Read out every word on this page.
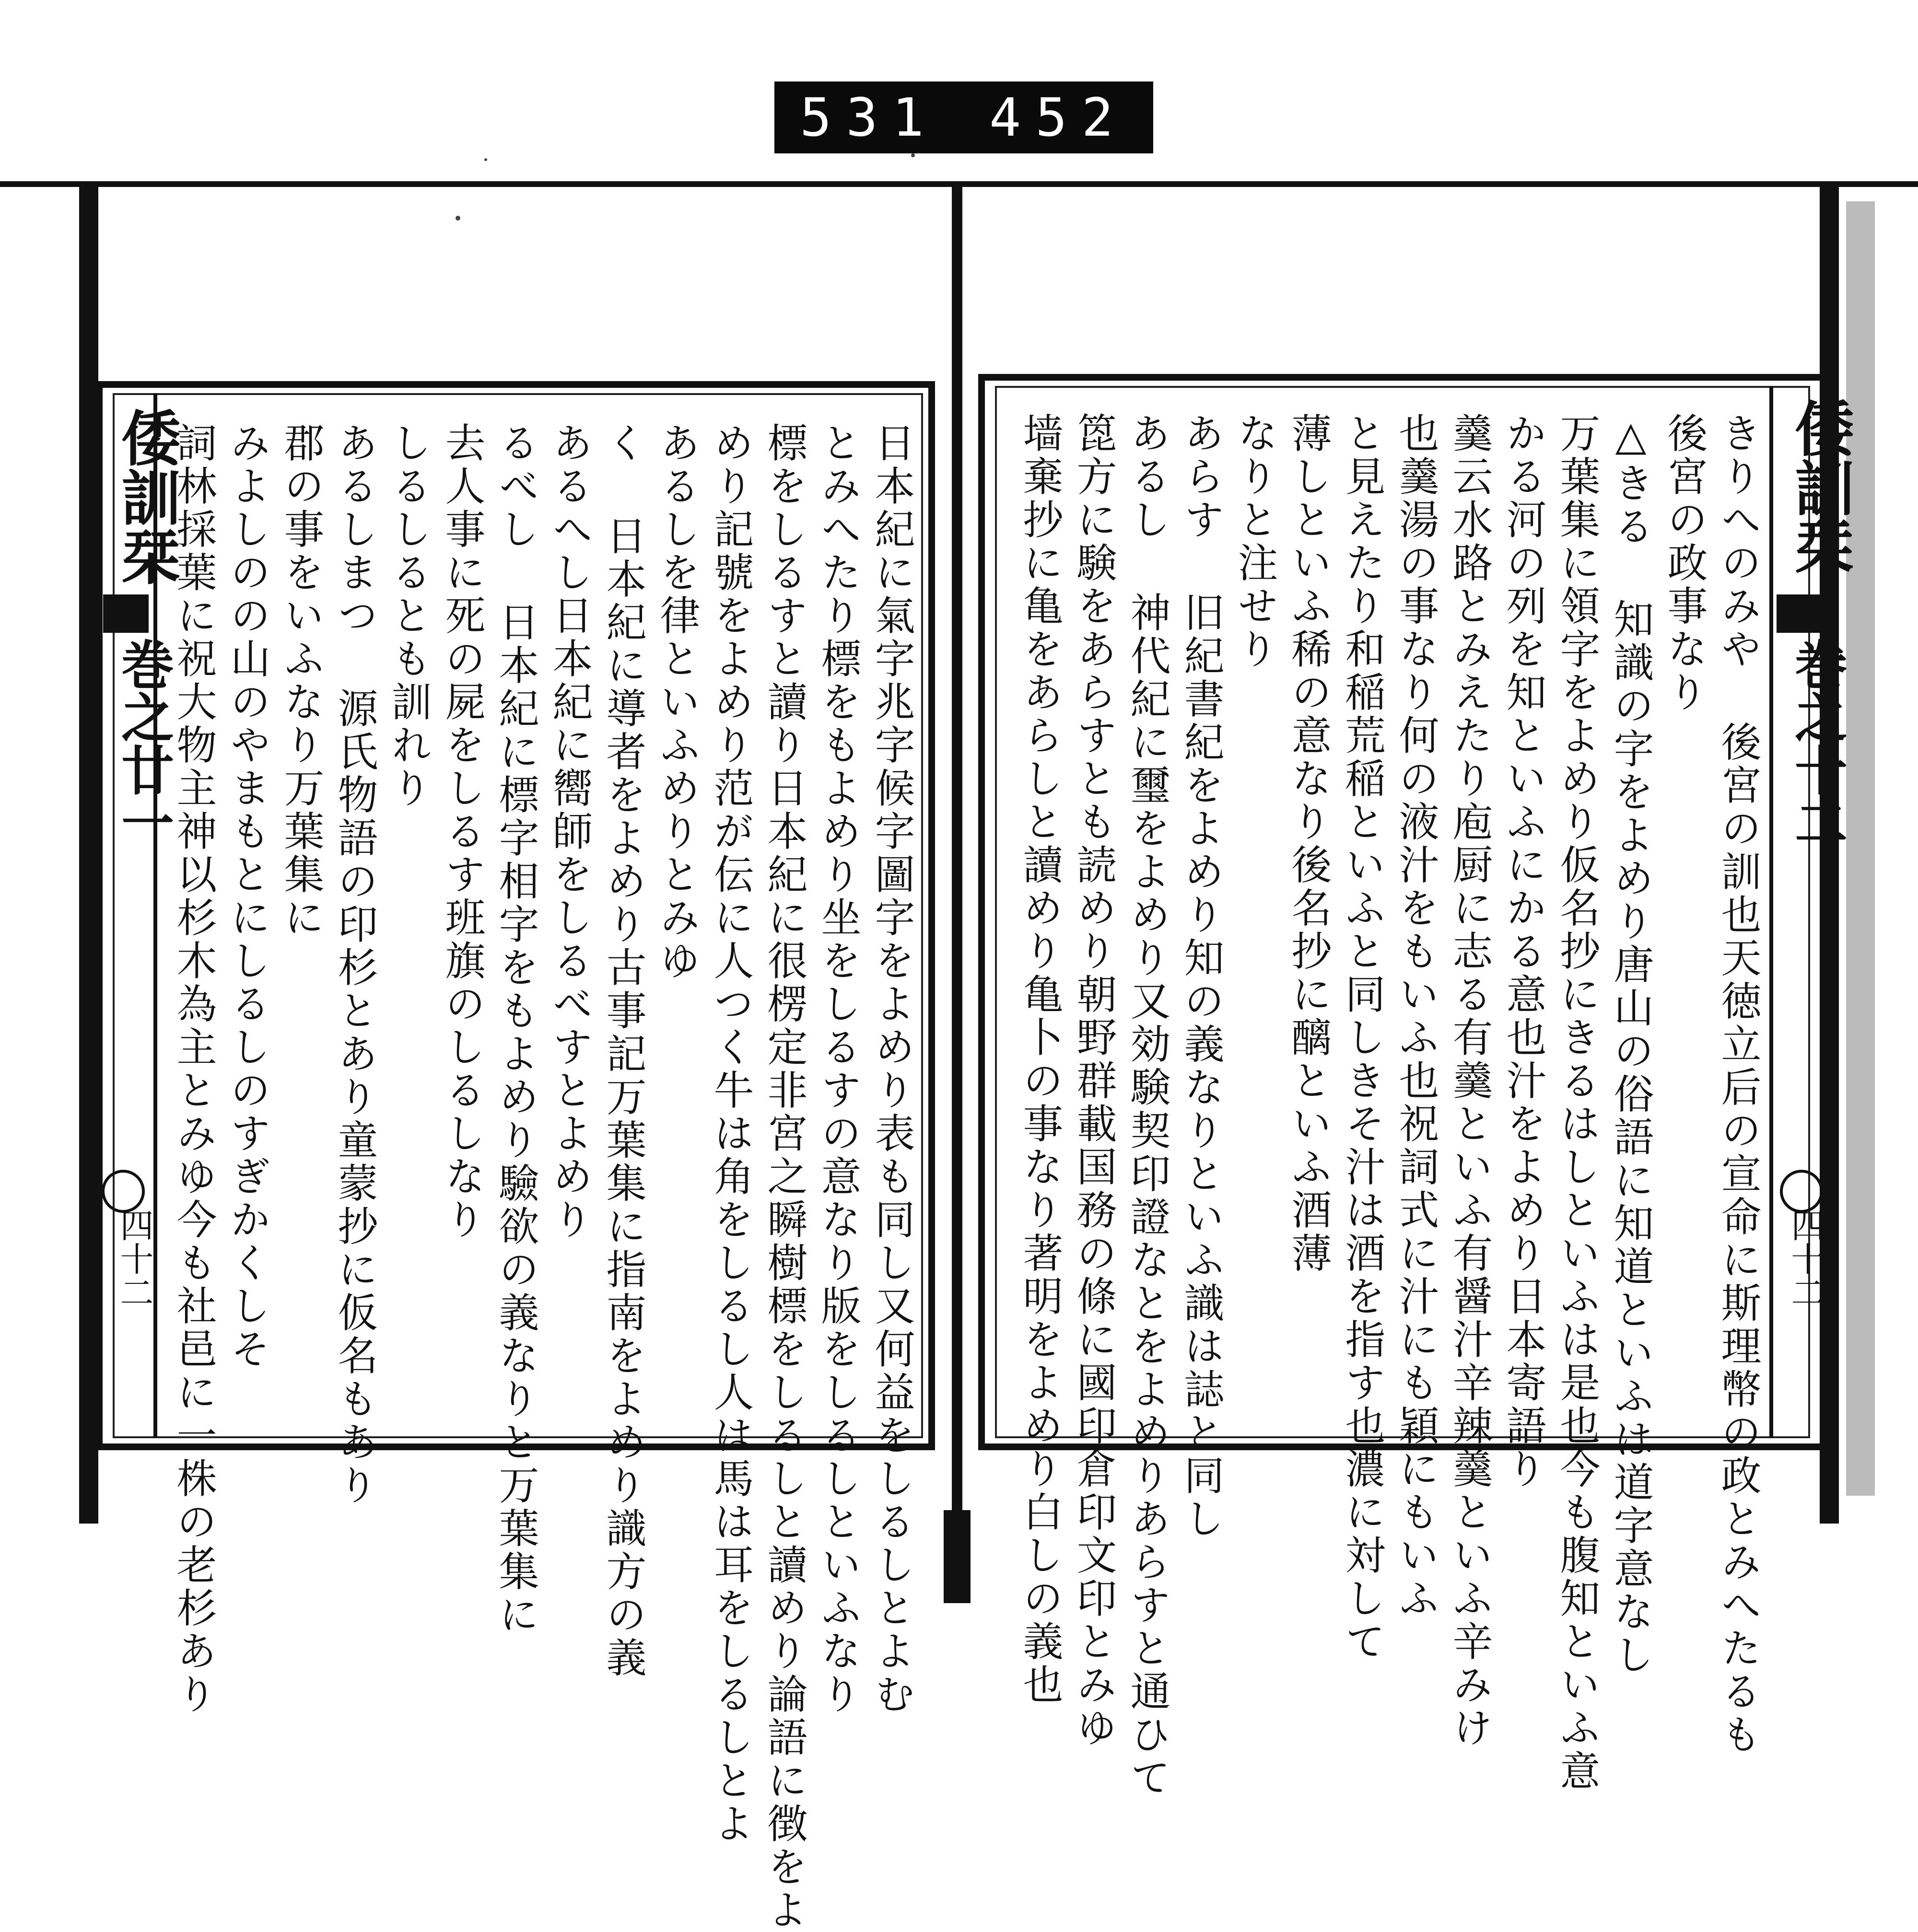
531 452
倭訓栞
巻之廿一
四十二	日本紀に氣字兆字候字圖字をよめり表も同し又何益をしるしとよむ
とみへたり標をもよめり坐をしるすの意なり版をしるしといふなり
標をしるすと讀り日本紀に很楞定非宮之瞬樹標をしるしと讀めり論語に徴をよ
めり記號をよめり范が伝に人つく牛は角をしるし人は馬は耳をしるしとよ
あるしを律といふめりとみゆ
く 日本紀に導者をよめり古事記万葉集に指南をよめり識方の義
あるへし日本紀に嚮師をしるべすとよめり
るべし 日本紀に標字相字をもよめり驗欲の義なりと万葉集に
去人事に死の屍をしるす班旗のしるしなり
しるしるとも訓れり
あるしまつ 源氏物語の印杉とあり童蒙抄に仮名もあり
郡の事をいふなり万葉集に
みよしのの山のやまもとにしるしのすぎかくしそ
詞林採葉に祝大物主神以杉木為主とみゆ今も社邑に一株の老杉あり	倭訓栞
巻之十二
四十二
きりへのみや 後宮の訓也天徳立后の宣命に斯理幣の政とみへたるも
後宮の政事なり
△きる 知識の字をよめり唐山の俗語に知道といふは道字意なし
万葉集に領字をよめり仮名抄にきるはしといふは是也今も腹知といふ意
かる河の列を知といふにかる意也汁をよめり日本寄語り
羹云水路とみえたり庖厨に志る有羹といふ有醤汁辛辣羹といふ辛みけ
也羹湯の事なり何の液汁をもいふ也祝詞式に汁にも穎にもいふ
と見えたり和稲荒稲といふと同しきそ汁は酒を指す也濃に対して
薄しといふ稀の意なり後名抄に醨といふ酒薄
なりと注せり
あらす 旧紀書紀をよめり知の義なりといふ識は誌と同し
あるし 神代紀に璽をよめり又効験契印證なとをよめりあらすと通ひて
箆方に験をあらすとも読めり朝野群載国務の條に國印倉印文印とみゆ
墙棄抄に亀をあらしと讀めり亀卜の事なり著明をよめり白しの義也
